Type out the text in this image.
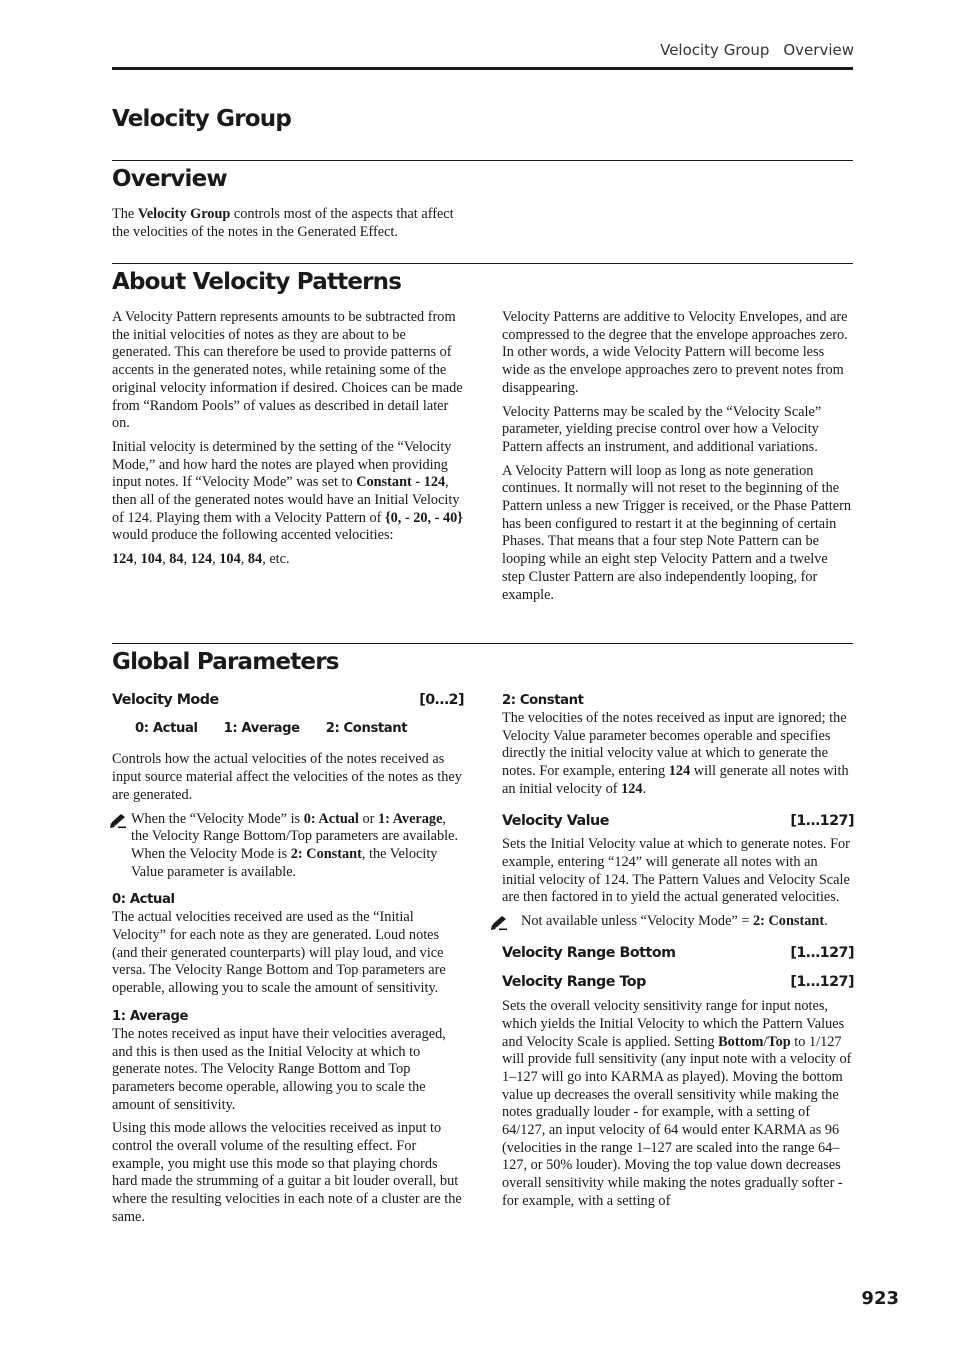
Velocity Group Overview
Velocity Group
Overview

The Velocity Group controls most of the aspects that affect the velocities of the notes in the Generated Effect.

About Velocity Patterns

A Velocity Pattern represents amounts to be subtracted from the initial velocities of notes as they are about to be generated. This can therefore be used to provide patterns of accents in the generated notes, while retaining some of the original velocity information if desired. Choices can be made from “Random Pools” of values as described in detail later on.

Initial velocity is determined by the setting of the “Velocity Mode,” and how hard the notes are played when providing input notes. If “Velocity Mode” was set to Constant - 124, then all of the generated notes would have an Initial Velocity of 124. Playing them with a Velocity Pattern of {0, - 20, - 40} would produce the following accented velocities:

124, 104, 84, 124, 104, 84, etc.

Velocity Patterns are additive to Velocity Envelopes, and are compressed to the degree that the envelope approaches zero. In other words, a wide Velocity Pattern will become less wide as the envelope approaches zero to prevent notes from disappearing.

Velocity Patterns may be scaled by the “Velocity Scale” parameter, yielding precise control over how a Velocity Pattern affects an instrument, and additional variations.

A Velocity Pattern will loop as long as note generation continues. It normally will not reset to the beginning of the Pattern unless a new Trigger is received, or the Phase Pattern has been configured to restart it at the beginning of certain Phases. That means that a four step Note Pattern can be looping while an eight step Velocity Pattern and a twelve step Cluster Pattern are also independently looping, for example.

Global Parameters
Velocity Mode	[0…2]
0: Actual 1: Average 2: Constant

Controls how the actual velocities of the notes received as input source material affect the velocities of the notes as they are generated.

When the “Velocity Mode” is 0: Actual or 1: Average, the Velocity Range Bottom/Top parameters are available. When the Velocity Mode is 2: Constant, the Velocity Value parameter is available.

0: Actual

The actual velocities received are used as the “Initial Velocity” for each note as they are generated. Loud notes (and their generated counterparts) will play loud, and vice versa. The Velocity Range Bottom and Top parameters are operable, allowing you to scale the amount of sensitivity.

1: Average

The notes received as input have their velocities averaged, and this is then used as the Initial Velocity at which to generate notes. The Velocity Range Bottom and Top parameters become operable, allowing you to scale the amount of sensitivity.

Using this mode allows the velocities received as input to control the overall volume of the resulting effect. For example, you might use this mode so that playing chords hard made the strumming of a guitar a bit louder overall, but where the resulting velocities in each note of a cluster are the same.

2: Constant

The velocities of the notes received as input are ignored; the Velocity Value parameter becomes operable and specifies directly the initial velocity value at which to generate the notes. For example, entering 124 will generate all notes with an initial velocity of 124.

Velocity Value	[1…127]

Sets the Initial Velocity value at which to generate notes. For example, entering “124” will generate all notes with an initial velocity of 124. The Pattern Values and Velocity Scale are then factored in to yield the actual generated velocities.

Not available unless “Velocity Mode” = 2: Constant.

Velocity Range Bottom	[1…127]
Velocity Range Top	[1…127]

Sets the overall velocity sensitivity range for input notes, which yields the Initial Velocity to which the Pattern Values and Velocity Scale is applied. Setting Bottom/Top to 1/127 will provide full sensitivity (any input note with a velocity of 1–127 will go into KARMA as played). Moving the bottom value up decreases the overall sensitivity while making the notes gradually louder - for example, with a setting of 64/127, an input velocity of 64 would enter KARMA as 96 (velocities in the range 1–127 are scaled into the range 64–127, or 50% louder). Moving the top value down decreases overall sensitivity while making the notes gradually softer - for example, with a setting of

923
